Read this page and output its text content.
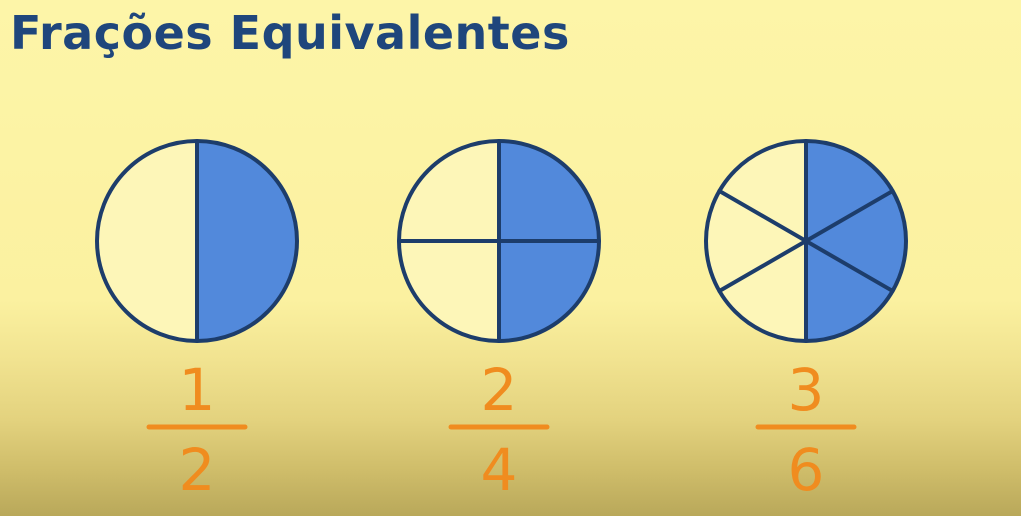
Frações Equivalentes
1
2
2
4
3
6
